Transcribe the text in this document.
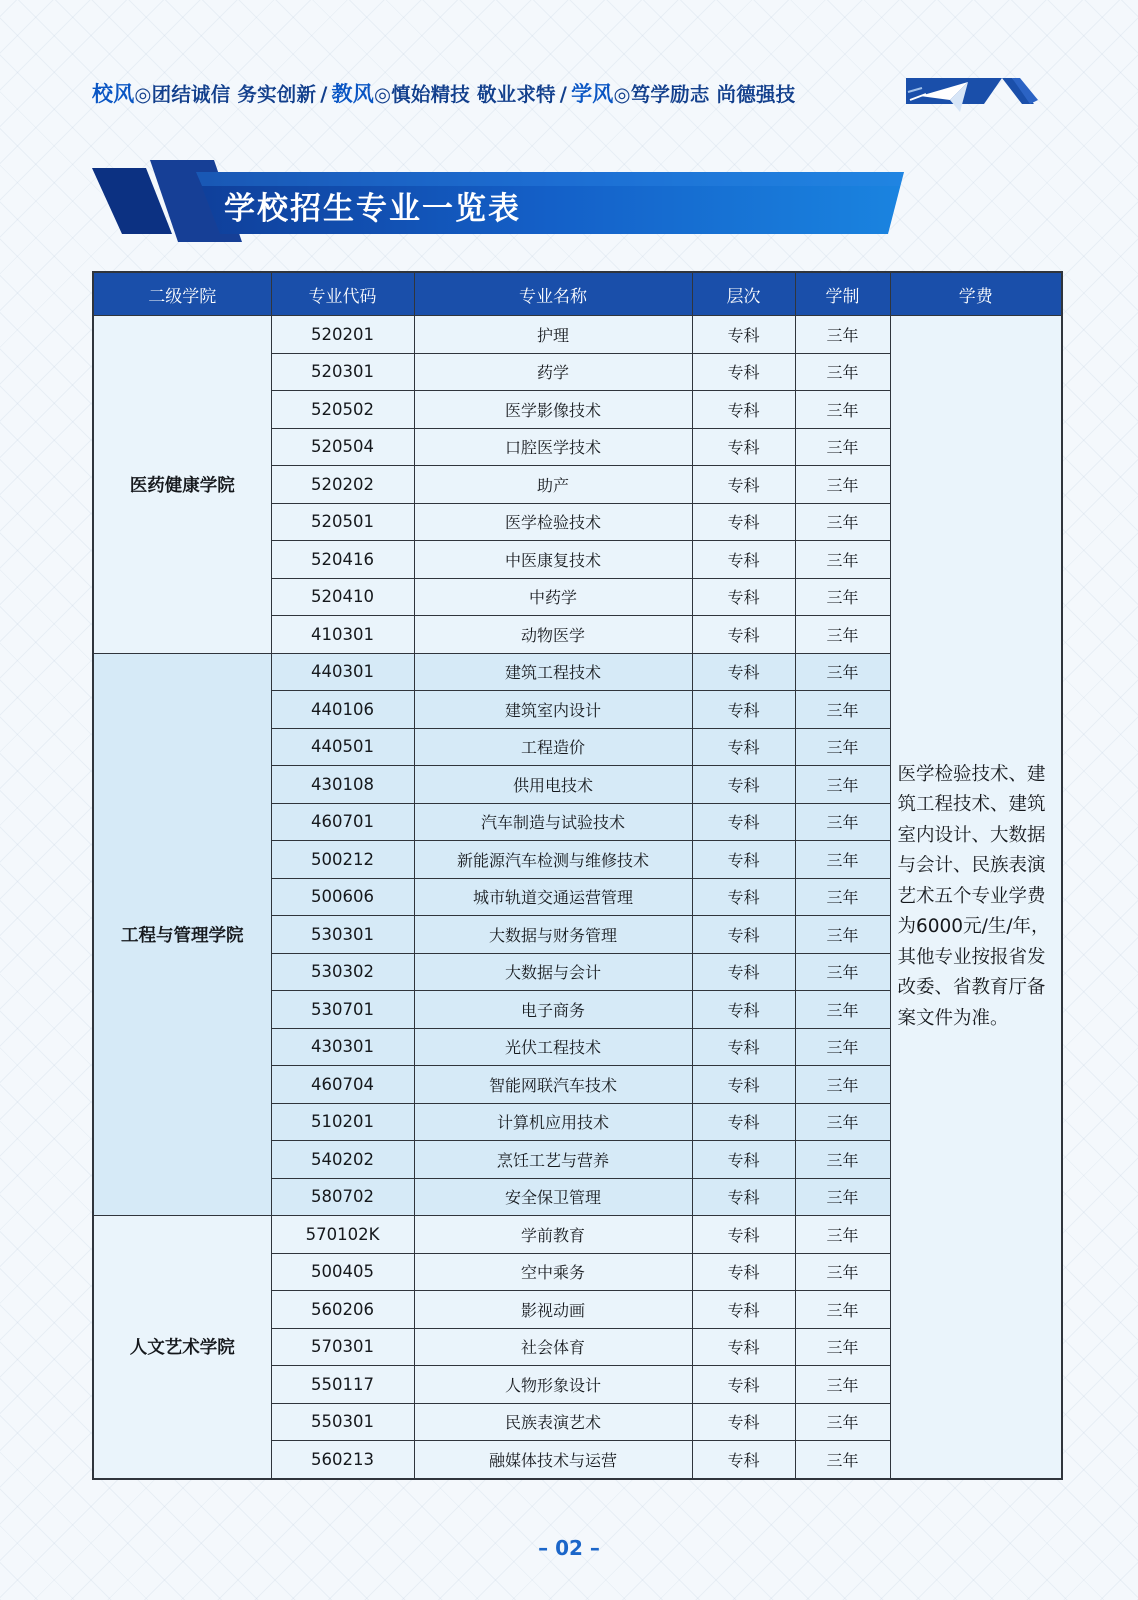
校风◎团结诚信 务实创新 / 教风◎慎始精技 敬业求特 / 学风◎笃学励志 尚德强技
学校招生专业一览表
二级学院	专业代码	专业名称	层次	学制	学费
医药健康学院	520201	护理	专科	三年	医学检验技术、建筑工程技术、建筑室内设计、大数据与会计、民族表演艺术五个专业学费为6000元/生/年，其他专业按报省发改委、省教育厅备案文件为准。
	520301	药学	专科	三年	
	520502	医学影像技术	专科	三年	
	520504	口腔医学技术	专科	三年	
	520202	助产	专科	三年	
	520501	医学检验技术	专科	三年	
	520416	中医康复技术	专科	三年	
	520410	中药学	专科	三年	
	410301	动物医学	专科	三年	
工程与管理学院	440301	建筑工程技术	专科	三年	
	440106	建筑室内设计	专科	三年	
	440501	工程造价	专科	三年	
	430108	供用电技术	专科	三年	
	460701	汽车制造与试验技术	专科	三年	
	500212	新能源汽车检测与维修技术	专科	三年	
	500606	城市轨道交通运营管理	专科	三年	
	530301	大数据与财务管理	专科	三年	
	530302	大数据与会计	专科	三年	
	530701	电子商务	专科	三年	
	430301	光伏工程技术	专科	三年	
	460704	智能网联汽车技术	专科	三年	
	510201	计算机应用技术	专科	三年	
	540202	烹饪工艺与营养	专科	三年	
	580702	安全保卫管理	专科	三年	
人文艺术学院	570102K	学前教育	专科	三年	
	500405	空中乘务	专科	三年	
	560206	影视动画	专科	三年	
	570301	社会体育	专科	三年	
	550117	人物形象设计	专科	三年	
	550301	民族表演艺术	专科	三年	
	560213	融媒体技术与运营	专科	三年	
– 02 –
